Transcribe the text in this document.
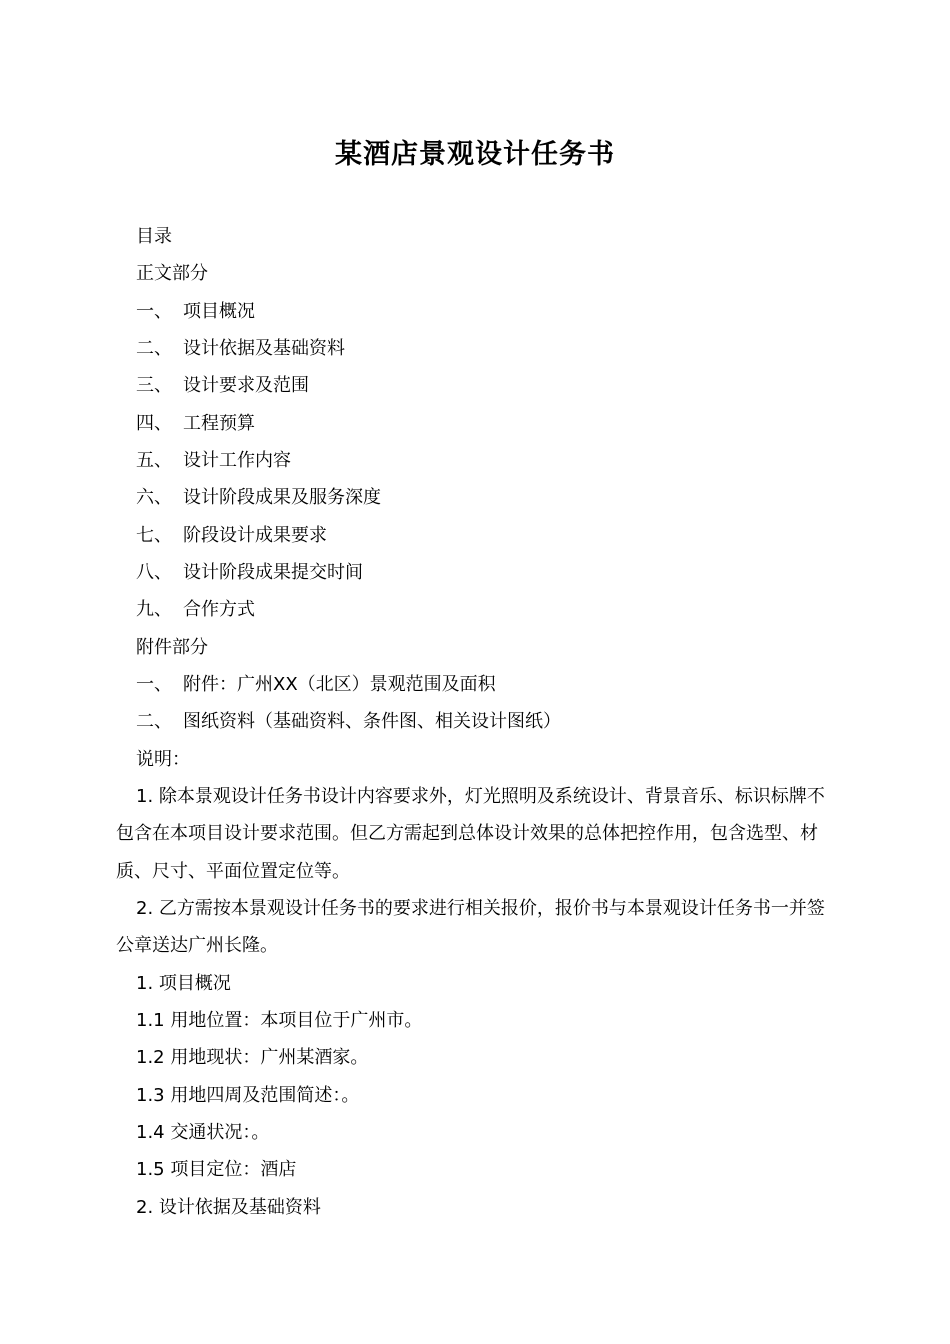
某酒店景观设计任务书
目录
正文部分
一、 项目概况
二、 设计依据及基础资料
三、 设计要求及范围
四、 工程预算
五、 设计工作内容
六、 设计阶段成果及服务深度
七、 阶段设计成果要求
八、 设计阶段成果提交时间
九、 合作方式
附件部分
一、 附件：广州XX（北区）景观范围及面积
二、 图纸资料（基础资料、条件图、相关设计图纸）
说明：
1. 除本景观设计任务书设计内容要求外，灯光照明及系统设计、背景音乐、标识标牌不包含在本项目设计要求范围。但乙方需起到总体设计效果的总体把控作用，包含选型、材质、尺寸、平面位置定位等。
2. 乙方需按本景观设计任务书的要求进行相关报价，报价书与本景观设计任务书一并签公章送达广州长隆。
1. 项目概况
1.1 用地位置：本项目位于广州市。
1.2 用地现状：广州某酒家。
1.3 用地四周及范围简述：。
1.4 交通状况：。
1.5 项目定位：酒店
2. 设计依据及基础资料
